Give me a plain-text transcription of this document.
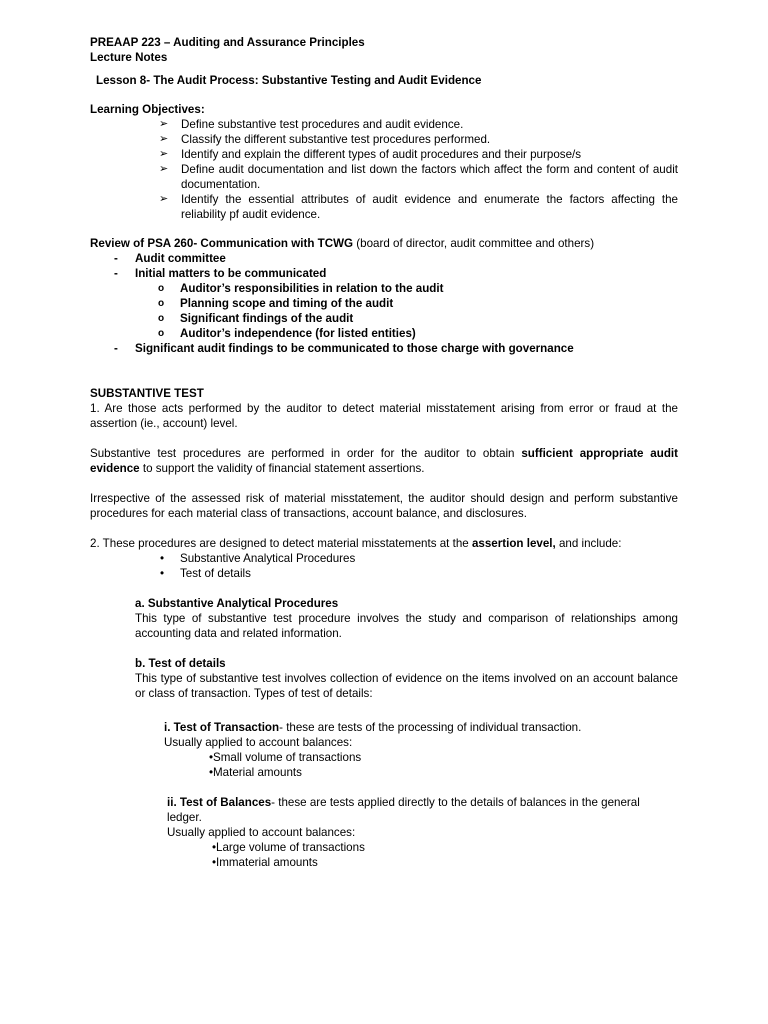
PREAAP 223 – Auditing and Assurance Principles

Lecture Notes

Lesson 8- The Audit Process: Substantive Testing and Audit Evidence

Learning Objectives:

➢ Define substantive test procedures and audit evidence.
➢ Classify the different substantive test procedures performed.
➢ Identify and explain the different types of audit procedures and their purpose/s
➢ Define audit documentation and list down the factors which affect the form and content of audit documentation.
➢ Identify the essential attributes of audit evidence and enumerate the factors affecting the reliability pf audit evidence.

Review of PSA 260- Communication with TCWG (board of director, audit committee and others)

- Audit committee
- Initial matters to be communicated
o Auditor’s responsibilities in relation to the audit
o Planning scope and timing of the audit
o Significant findings of the audit
o Auditor’s independence (for listed entities)
- Significant audit findings to be communicated to those charge with governance

SUBSTANTIVE TEST

1. Are those acts performed by the auditor to detect material misstatement arising from error or fraud at the assertion (ie., account) level.

Substantive test procedures are performed in order for the auditor to obtain sufficient appropriate audit evidence to support the validity of financial statement assertions.

Irrespective of the assessed risk of material misstatement, the auditor should design and perform substantive procedures for each material class of transactions, account balance, and disclosures.

2. These procedures are designed to detect material misstatements at the assertion level, and include:

• Substantive Analytical Procedures
• Test of details

a. Substantive Analytical Procedures

This type of substantive test procedure involves the study and comparison of relationships among accounting data and related information.

b. Test of details

This type of substantive test involves collection of evidence on the items involved on an account balance or class of transaction. Types of test of details:

i. Test of Transaction- these are tests of the processing of individual transaction.

Usually applied to account balances:

• Small volume of transactions
• Material amounts

ii. Test of Balances- these are tests applied directly to the details of balances in the general ledger.

Usually applied to account balances:

• Large volume of transactions
• Immaterial amounts
